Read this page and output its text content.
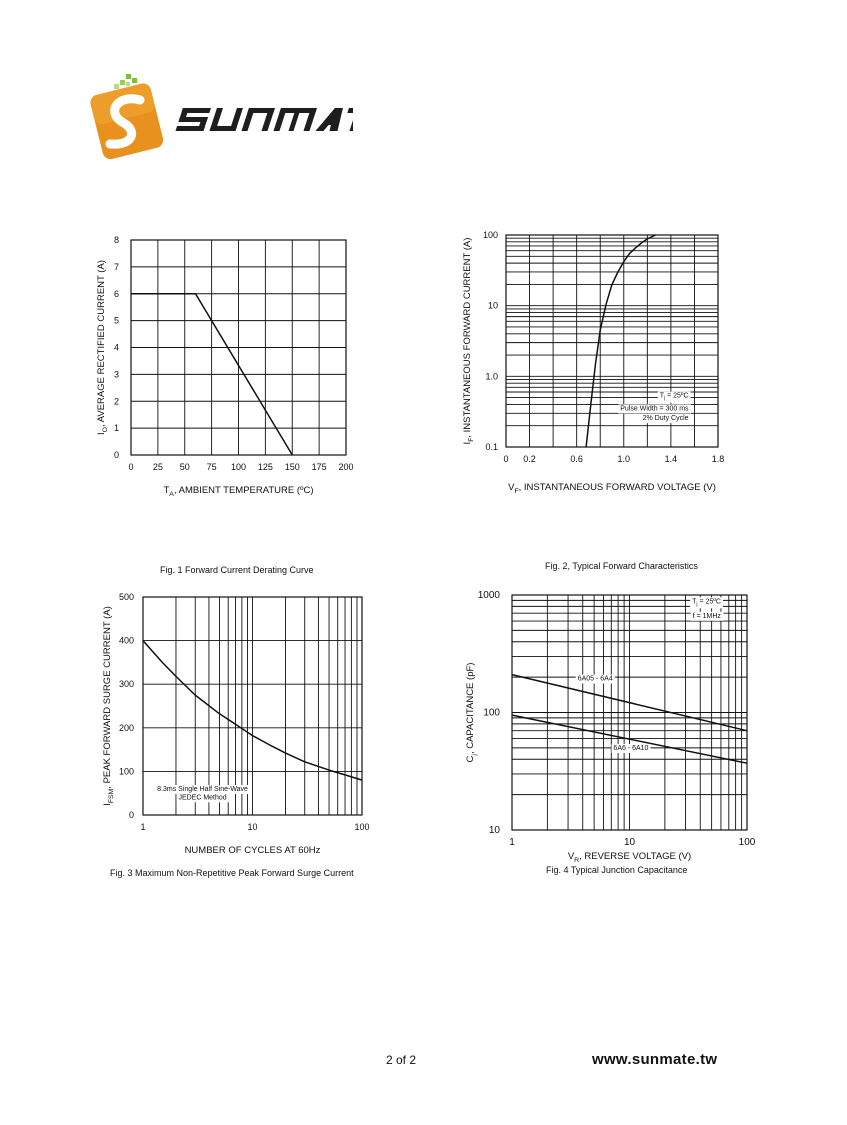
0 25 50 75 100 125 150 175 200
0
1
2
3
4
5
6
7
8
$T_A$, AMBIENT TEMPERATURE (ºC)
$I_O$, AVERAGE RECTIFIED CURRENT (A)
0 0.2	0.6	1.0	1.4	1.8
0.1
1.0
10
100
$V_F$, INSTANTANEOUS FORWARD VOLTAGE (V)
$I_F$, INSTANTANEOUS FORWARD CURRENT (A)	$T_j$ = 25ºC
Pulse Width = 300 ms
2% Duty Cycle
1	10	100
0
100
200
300
400
500
NUMBER OF CYCLES AT 60Hz
$I_{FSM}$, PEAK FORWARD SURGE CURRENT (A)
8.3ms Single Half Sine-Wave
JEDEC Method
1	10	100
10
100
1000
$V_R$, REVERSE VOLTAGE (V)
$C_j$, CAPACITANCE (pF)	6A05 - 6A4
6A6 - 6A10
$T_j$ = 25ºC
f = 1MHz
Fig. 1 Forward Current Derating Curve	Fig. 2, Typical Forward Characteristics
Fig. 3 Maximum Non-Repetitive Peak Forward Surge Current	Fig. 4 Typical Junction Capacitance
2 of 2	www.sunmate.tw
